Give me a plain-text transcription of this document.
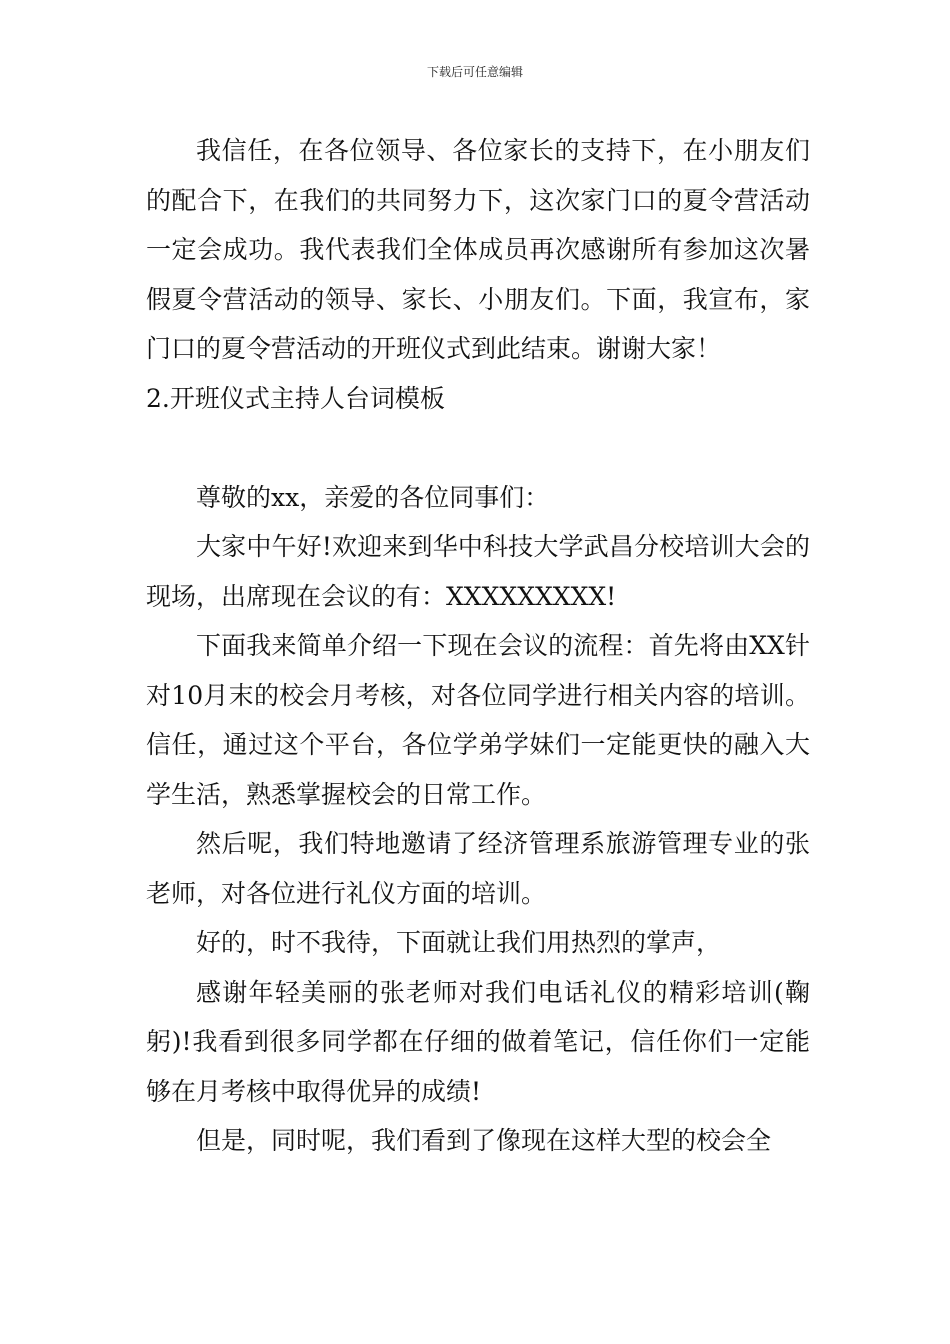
下载后可任意编辑

我信任，在各位领导、各位家长的支持下，在小朋友们的配合下，在我们的共同努力下，这次家门口的夏令营活动一定会成功。我代表我们全体成员再次感谢所有参加这次暑假夏令营活动的领导、家长、小朋友们。下面，我宣布，家门口的夏令营活动的开班仪式到此结束。谢谢大家！

2.开班仪式主持人台词模板

尊敬的xx，亲爱的各位同事们：

大家中午好!欢迎来到华中科技大学武昌分校培训大会的现场，出席现在会议的有：XXXXXXXXX!

下面我来简单介绍一下现在会议的流程：首先将由XX针对10月末的校会月考核，对各位同学进行相关内容的培训。信任，通过这个平台，各位学弟学妹们一定能更快的融入大学生活，熟悉掌握校会的日常工作。

然后呢，我们特地邀请了经济管理系旅游管理专业的张老师，对各位进行礼仪方面的培训。

好的，时不我待，下面就让我们用热烈的掌声，

感谢年轻美丽的张老师对我们电话礼仪的精彩培训(鞠躬)!我看到很多同学都在仔细的做着笔记，信任你们一定能够在月考核中取得优异的成绩!

但是，同时呢，我们看到了像现在这样大型的校会全
